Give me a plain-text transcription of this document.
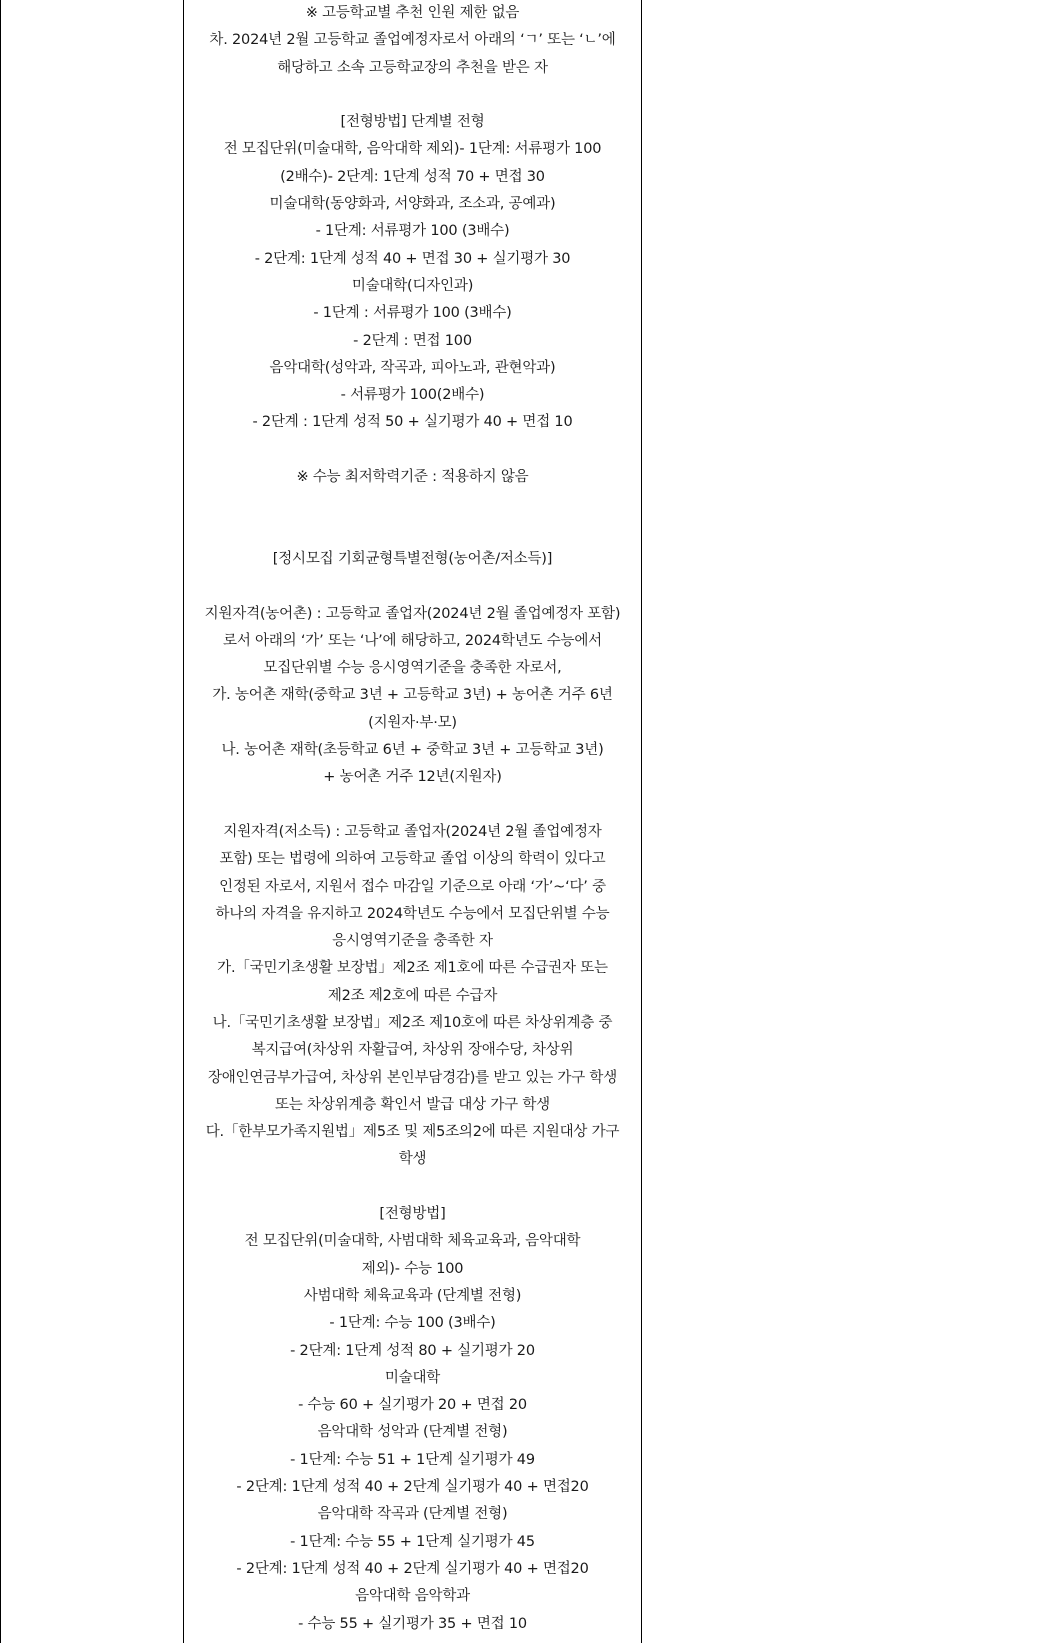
※ 고등학교별 추천 인원 제한 없음
차. 2024년 2월 고등학교 졸업예정자로서 아래의 ‘ㄱ’ 또는 ‘ㄴ’에
해당하고 소속 고등학교장의 추천을 받은 자
[전형방법] 단계별 전형
전 모집단위(미술대학, 음악대학 제외)- 1단계: 서류평가 100
(2배수)- 2단계: 1단계 성적 70 + 면접 30
미술대학(동양화과, 서양화과, 조소과, 공예과)
- 1단계: 서류평가 100 (3배수)
- 2단계: 1단계 성적 40 + 면접 30 + 실기평가 30
미술대학(디자인과)
- 1단계 : 서류평가 100 (3배수)
- 2단계 : 면접 100
음악대학(성악과, 작곡과, 피아노과, 관현악과)
- 서류평가 100(2배수)
- 2단계 : 1단계 성적 50 + 실기평가 40 + 면접 10
※ 수능 최저학력기준 : 적용하지 않음
[정시모집 기회균형특별전형(농어촌/저소득)]
지원자격(농어촌) : 고등학교 졸업자(2024년 2월 졸업예정자 포함)
로서 아래의 ‘가’ 또는 ‘나’에 해당하고, 2024학년도 수능에서
모집단위별 수능 응시영역기준을 충족한 자로서,
가. 농어촌 재학(중학교 3년 + 고등학교 3년) + 농어촌 거주 6년
(지원자·부·모)
나. 농어촌 재학(초등학교 6년 + 중학교 3년 + 고등학교 3년)
+ 농어촌 거주 12년(지원자)
지원자격(저소득) : 고등학교 졸업자(2024년 2월 졸업예정자
포함) 또는 법령에 의하여 고등학교 졸업 이상의 학력이 있다고
인정된 자로서, 지원서 접수 마감일 기준으로 아래 ‘가’~‘다’ 중
하나의 자격을 유지하고 2024학년도 수능에서 모집단위별 수능
응시영역기준을 충족한 자
가.「국민기초생활 보장법」제2조 제1호에 따른 수급권자 또는
제2조 제2호에 따른 수급자
나.「국민기초생활 보장법」제2조 제10호에 따른 차상위계층 중
복지급여(차상위 자활급여, 차상위 장애수당, 차상위
장애인연금부가급여, 차상위 본인부담경감)를 받고 있는 가구 학생
또는 차상위계층 확인서 발급 대상 가구 학생
다.「한부모가족지원법」제5조 및 제5조의2에 따른 지원대상 가구
학생
[전형방법]
전 모집단위(미술대학, 사범대학 체육교육과, 음악대학
제외)- 수능 100
사범대학 체육교육과 (단계별 전형)
- 1단계: 수능 100 (3배수)
- 2단계: 1단계 성적 80 + 실기평가 20
미술대학
- 수능 60 + 실기평가 20 + 면접 20
음악대학 성악과 (단계별 전형)
- 1단계: 수능 51 + 1단계 실기평가 49
- 2단계: 1단계 성적 40 + 2단계 실기평가 40 + 면접20
음악대학 작곡과 (단계별 전형)
- 1단계: 수능 55 + 1단계 실기평가 45
- 2단계: 1단계 성적 40 + 2단계 실기평가 40 + 면접20
음악대학 음악학과
- 수능 55 + 실기평가 35 + 면접 10
